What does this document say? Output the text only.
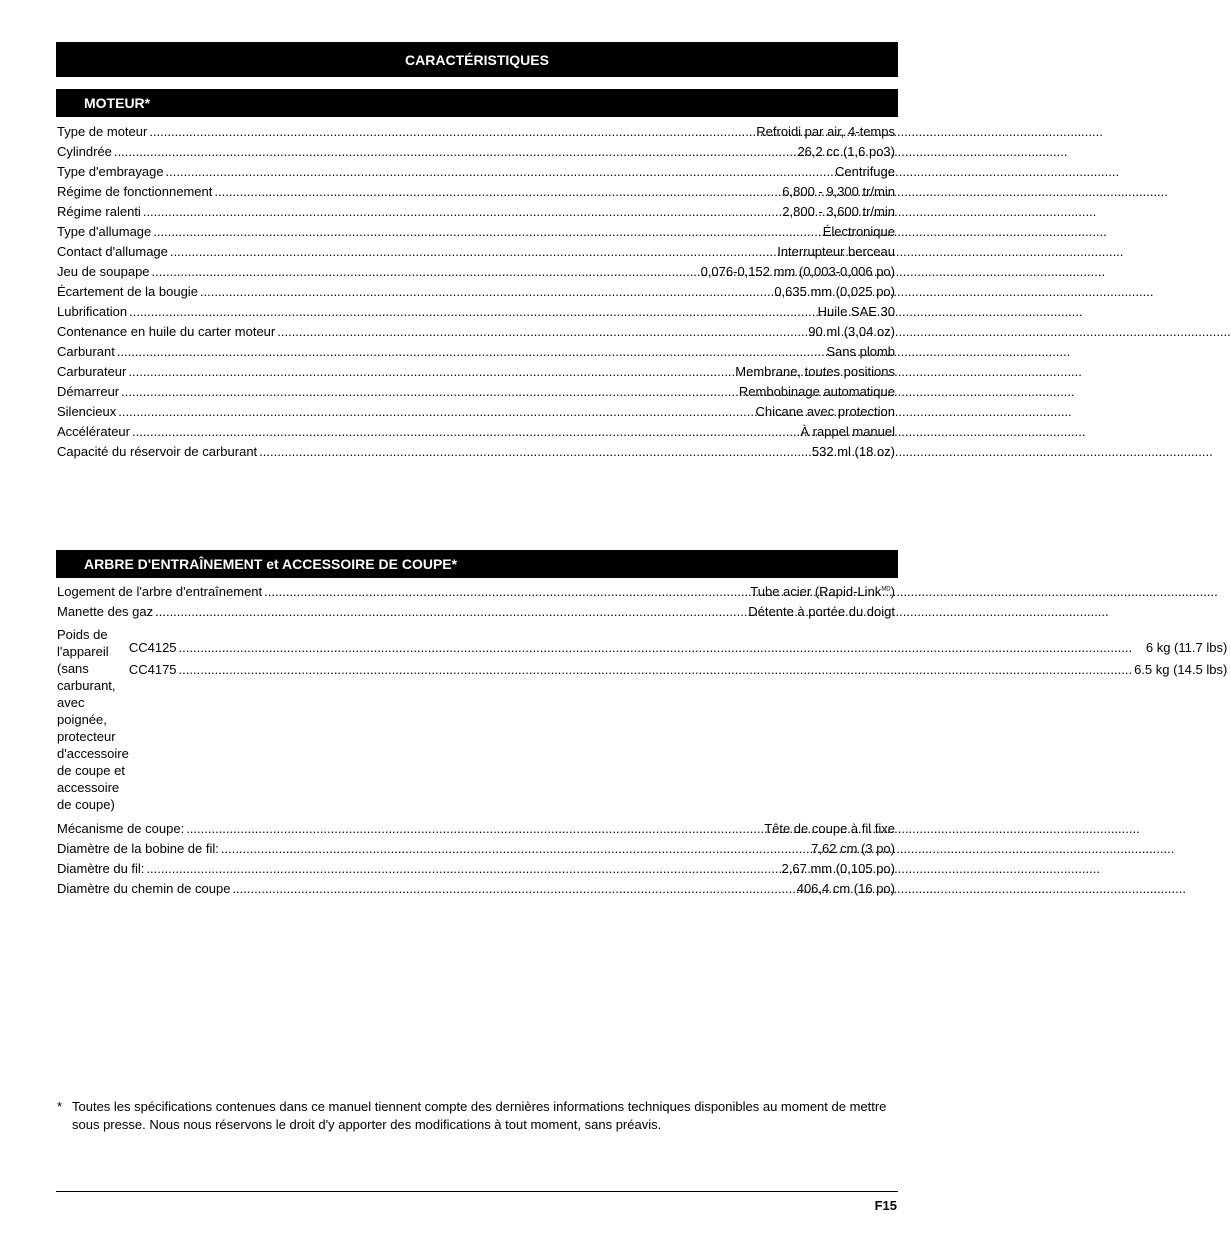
CARACTÉRISTIQUES
MOTEUR*
Type de moteur .....	Refroidi par air, 4-temps
Cylindrée .....	26,2 cc (1,6 po3)
Type d'embrayage .....	Centrifuge
Régime de fonctionnement .....	6,800 - 9,300 tr/min
Régime ralenti .....	2,800 - 3,600 tr/min
Type d'allumage .....	Électronique
Contact d'allumage .....	Interrupteur berceau
Jeu de soupape .....	0,076-0,152 mm (0,003-0,006 po)
Écartement de la bougie .....	0,635 mm (0,025 po)
Lubrification .....	Huile SAE 30
Contenance en huile du carter moteur .....	90 ml (3,04 oz)
Carburant .....	Sans plomb
Carburateur .....	Membrane, toutes positions
Démarreur .....	Rembobinage automatique
Silencieux .....	Chicane avec protection
Accélérateur .....	À rappel manuel
Capacité du réservoir de carburant .....	532 ml (18 oz)
ARBRE D'ENTRAÎNEMENT et ACCESSOIRE DE COUPE*
Logement de l'arbre d'entraînement .....	Tube acier (Rapid-Link$^{MD}$)
Manette des gaz .....	Détente à portée du doigt
Poids de l'appareil (sans carburant, avec poignée, protecteur d'accessoire de coupe et accessoire de coupe)
CC4125 .....	6 kg (11.7 lbs)
CC4175 .....	6.5 kg (14.5 lbs)
Mécanisme de coupe: .....	Tête de coupe à fil fixe
Diamètre de la bobine de fil: .....	7,62 cm (3 po)
Diamètre du fil: .....	2,67 mm (0,105 po)
Diamètre du chemin de coupe .....	406,4 cm (16 po)
* Toutes les spécifications contenues dans ce manuel tiennent compte des dernières informations techniques disponibles au moment de mettre sous presse. Nous nous réservons le droit d'y apporter des modifications à tout moment, sans préavis.
F15
